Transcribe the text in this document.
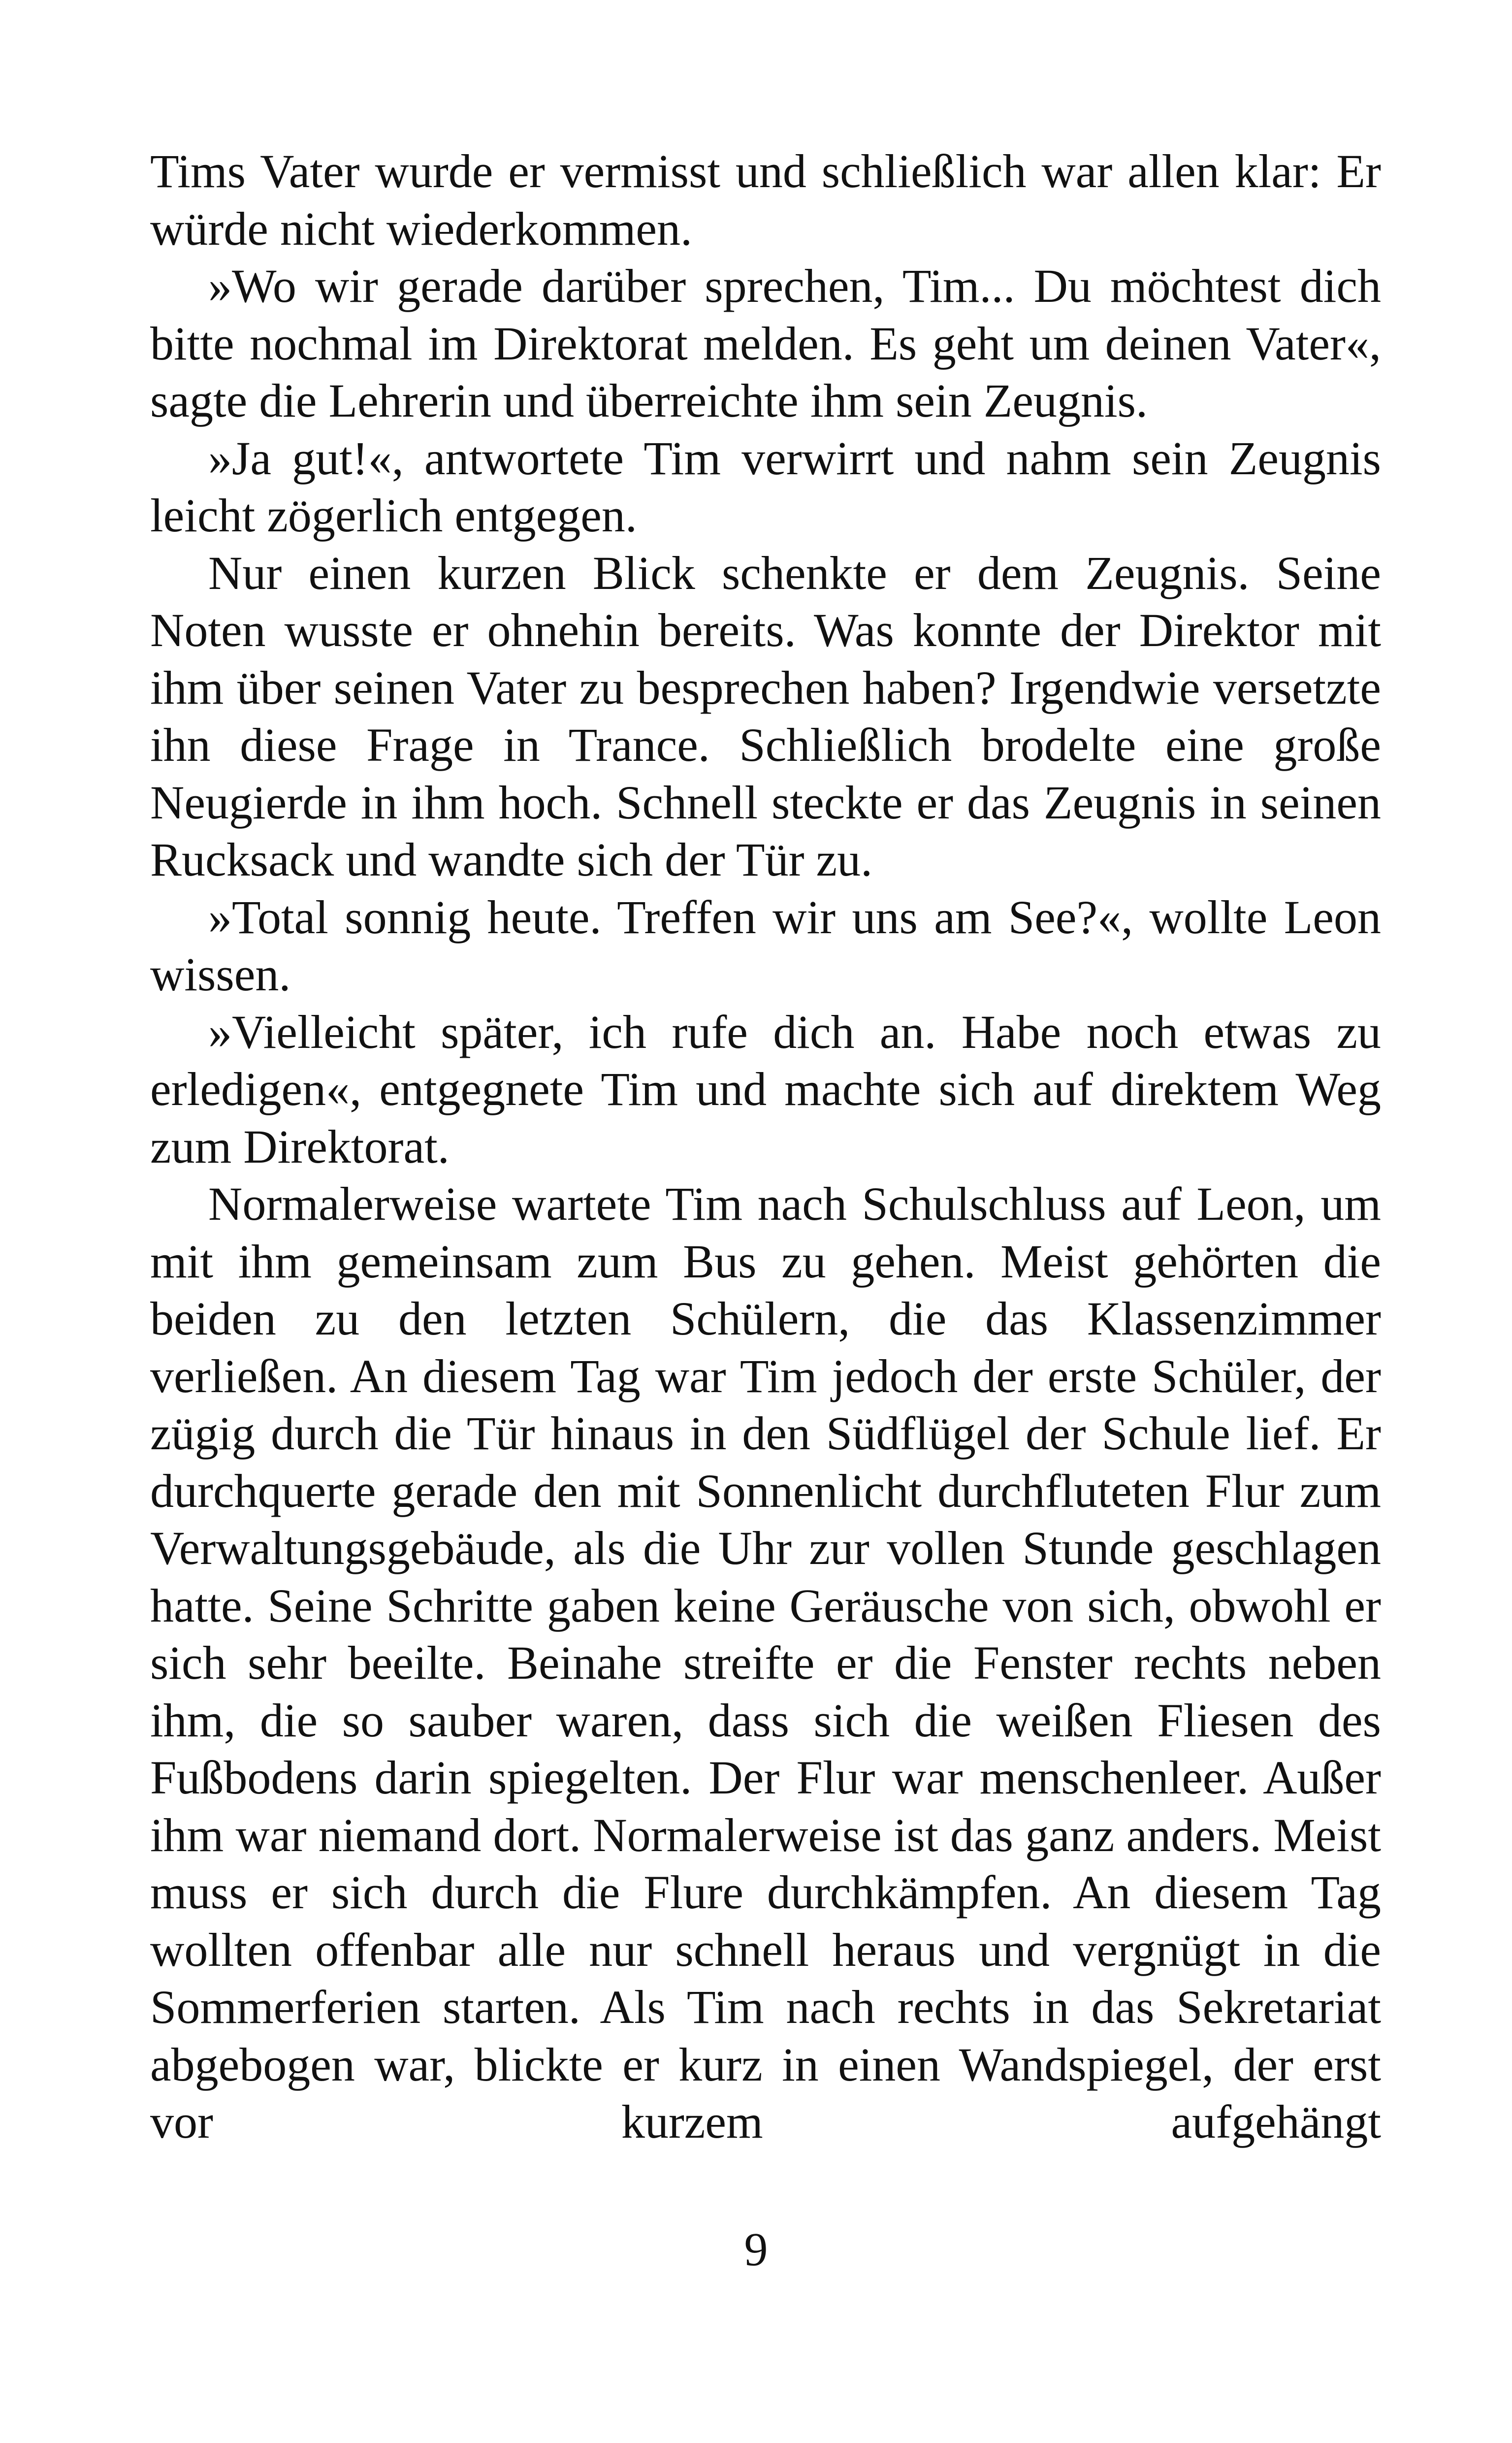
Tims Vater wurde er vermisst und schließlich war allen klar: Er würde nicht wiederkommen.

»Wo wir gerade darüber sprechen, Tim... Du möchtest dich bitte nochmal im Direktorat melden. Es geht um deinen Vater«, sagte die Lehrerin und überreichte ihm sein Zeugnis.

»Ja gut!«, antwortete Tim verwirrt und nahm sein Zeugnis leicht zögerlich entgegen.

Nur einen kurzen Blick schenkte er dem Zeugnis. Seine Noten wusste er ohnehin bereits. Was konnte der Direktor mit ihm über seinen Vater zu besprechen haben? Irgendwie versetzte ihn diese Frage in Trance. Schließlich brodelte eine große Neugierde in ihm hoch. Schnell steckte er das Zeugnis in seinen Rucksack und wandte sich der Tür zu.

»Total sonnig heute. Treffen wir uns am See?«, wollte Leon wissen.

»Vielleicht später, ich rufe dich an. Habe noch etwas zu erledigen«, entgegnete Tim und machte sich auf direktem Weg zum Direktorat.

Normalerweise wartete Tim nach Schulschluss auf Leon, um mit ihm gemeinsam zum Bus zu gehen. Meist gehörten die beiden zu den letzten Schülern, die das Klassenzimmer verließen. An diesem Tag war Tim jedoch der erste Schüler, der zügig durch die Tür hinaus in den Südflügel der Schule lief. Er durchquerte gerade den mit Sonnenlicht durchfluteten Flur zum Verwaltungsgebäude, als die Uhr zur vollen Stunde geschlagen hatte. Seine Schritte gaben keine Geräusche von sich, obwohl er sich sehr beeilte. Beinahe streifte er die Fenster rechts neben ihm, die so sauber waren, dass sich die weißen Fliesen des Fußbodens darin spiegelten. Der Flur war menschenleer. Außer ihm war niemand dort. Normalerweise ist das ganz anders. Meist muss er sich durch die Flure durchkämpfen. An diesem Tag wollten offenbar alle nur schnell heraus und vergnügt in die Sommerferien starten. Als Tim nach rechts in das Sekretariat abgebogen war, blickte er kurz in einen Wandspiegel, der erst vor kurzem aufgehängt

9
